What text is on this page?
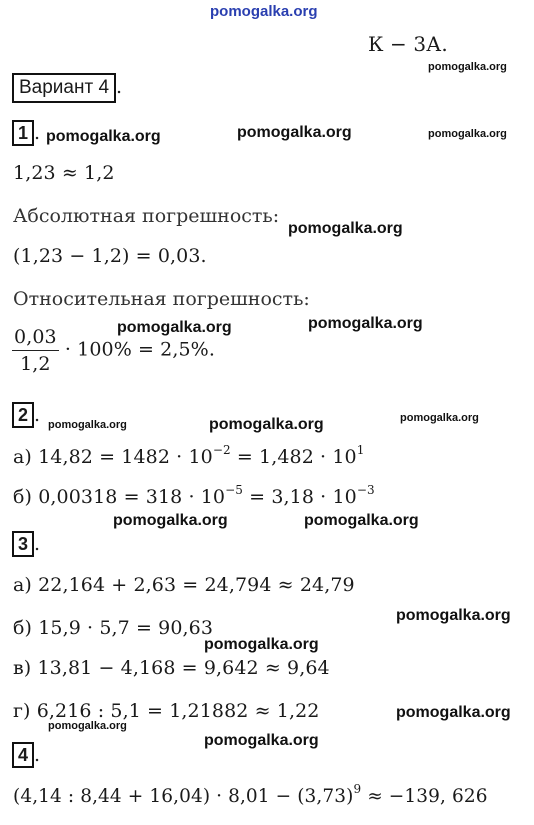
pomogalka.org
pomogalka.org
pomogalka.org	pomogalka.org	pomogalka.org
pomogalka.org
pomogalka.org	pomogalka.org
pomogalka.org	pomogalka.org	pomogalka.org
pomogalka.org	pomogalka.org
pomogalka.org
pomogalka.org
pomogalka.org
pomogalka.org
pomogalka.org
К − 3А.
Вариант 4 .
1 .
1,23 ≈ 1,2
Абсолютная погрешность:
(1,23 − 1,2) = 0,03.
Относительная погрешность:
$\frac{0,03}{1,2} \cdot 100\% = 2,5\%$.
2 .
а) $14,82 = 1482 \cdot 10^{-2} = 1,482 \cdot 10^1$
б) $0,00318 = 318 \cdot 10^{-5} = 3,18 \cdot 10^{-3}$
3 .
а) 22,164 + 2,63 = 24,794 ≈ 24,79
б) 15,9 · 5,7 = 90,63
в) 13,81 − 4,168 = 9,642 ≈ 9,64
г) 6,216 : 5,1 = 1,21882 ≈ 1,22
4 .
(4,14 : $8,44 + 16,04) \cdot 8,01 - (3,73)^9 \approx -139$, 626
